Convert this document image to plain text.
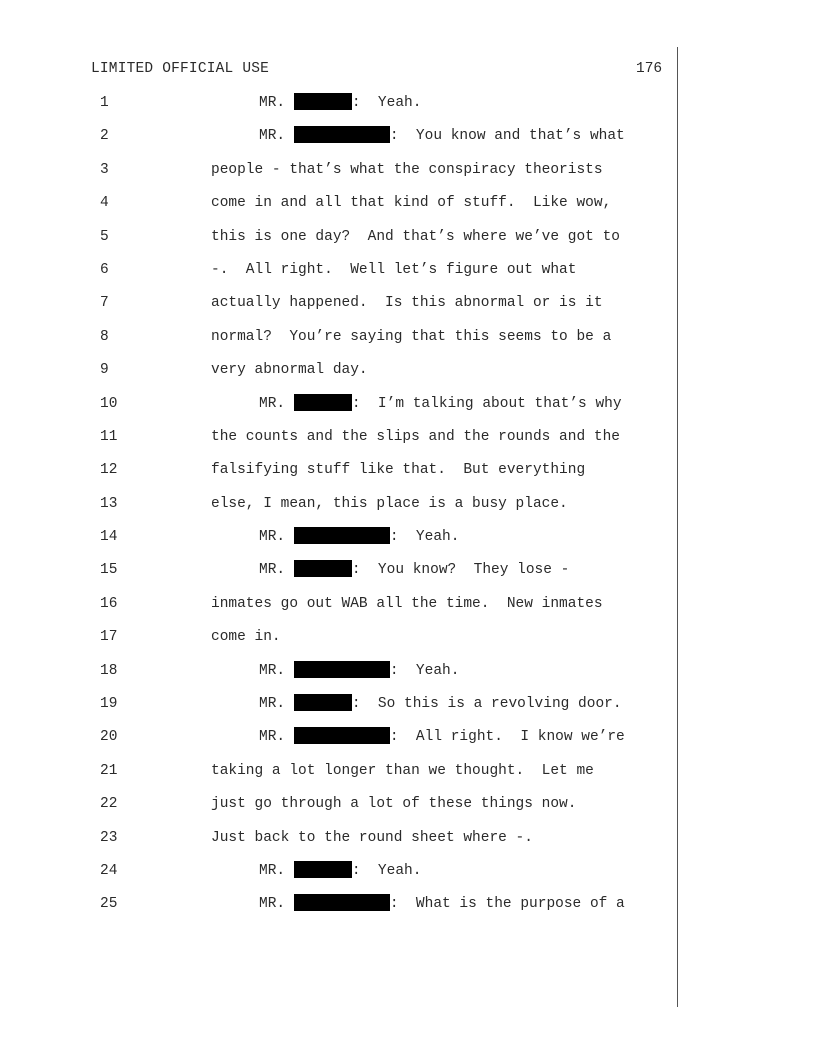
LIMITED OFFICIAL USE	176
1	MR.	:  Yeah.
2	MR.	:  You know and that’s what
3	people - that’s what the conspiracy theorists
4	come in and all that kind of stuff.  Like wow,
5	this is one day?  And that’s where we’ve got to
6	-.  All right.  Well let’s figure out what
7	actually happened.  Is this abnormal or is it
8	normal?  You’re saying that this seems to be a
9	very abnormal day.
10	MR.	:  I’m talking about that’s why
11	the counts and the slips and the rounds and the
12	falsifying stuff like that.  But everything
13	else, I mean, this place is a busy place.
14	MR.	:  Yeah.
15	MR.	:  You know?  They lose -
16	inmates go out WAB all the time.  New inmates
17	come in.
18	MR.	:  Yeah.
19	MR.	:  So this is a revolving door.
20	MR.	:  All right.  I know we’re
21	taking a lot longer than we thought.  Let me
22	just go through a lot of these things now.
23	Just back to the round sheet where -.
24	MR.	:  Yeah.
25	MR.	:  What is the purpose of a
